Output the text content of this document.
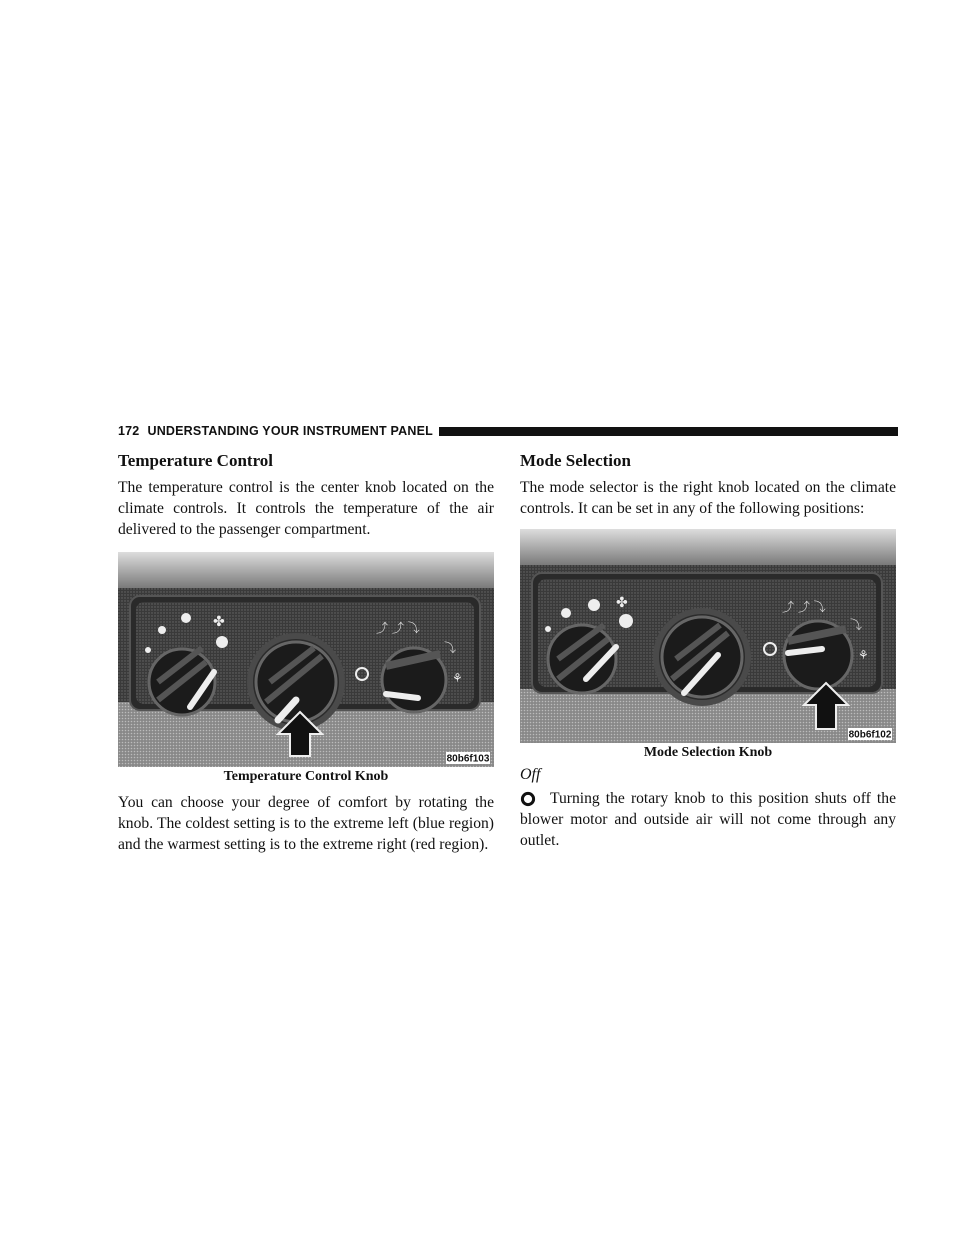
172 UNDERSTANDING YOUR INSTRUMENT PANEL
Temperature Control

The temperature control is the center knob located on the climate controls. It controls the temperature of the air delivered to the passenger compartment.

✤	⤴ ⤴ ⤵
⤵
⚘
80b6f103
Temperature Control Knob

You can choose your degree of comfort by rotating the knob. The coldest setting is to the extreme left (blue region) and the warmest setting is to the extreme right (red region).

Mode Selection

The mode selector is the right knob located on the climate controls. It can be set in any of the following positions:

✤	⤴ ⤴ ⤵
⤵
⚘
80b6f102
Mode Selection Knob
Off

Turning the rotary knob to this position shuts off the blower motor and outside air will not come through any outlet.
